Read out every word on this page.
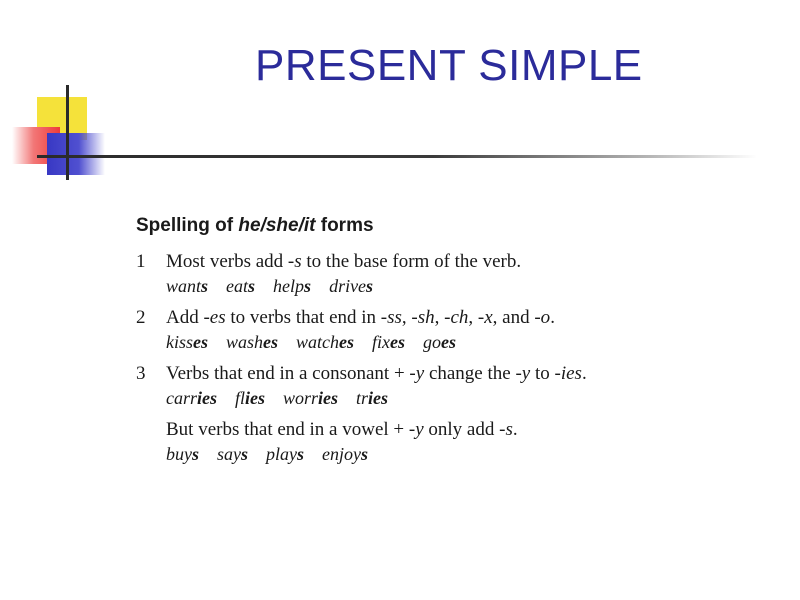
PRESENT SIMPLE
Spelling of he/she/it forms
1 Most verbs add -s to the base form of the verb.
wants eats helps drives
2 Add -es to verbs that end in -ss, -sh, -ch, -x, and -o.
kisses washes watches fixes goes
3 Verbs that end in a consonant + -y change the -y to -ies.
carries flies worries tries
But verbs that end in a vowel + -y only add -s.
buys says plays enjoys
